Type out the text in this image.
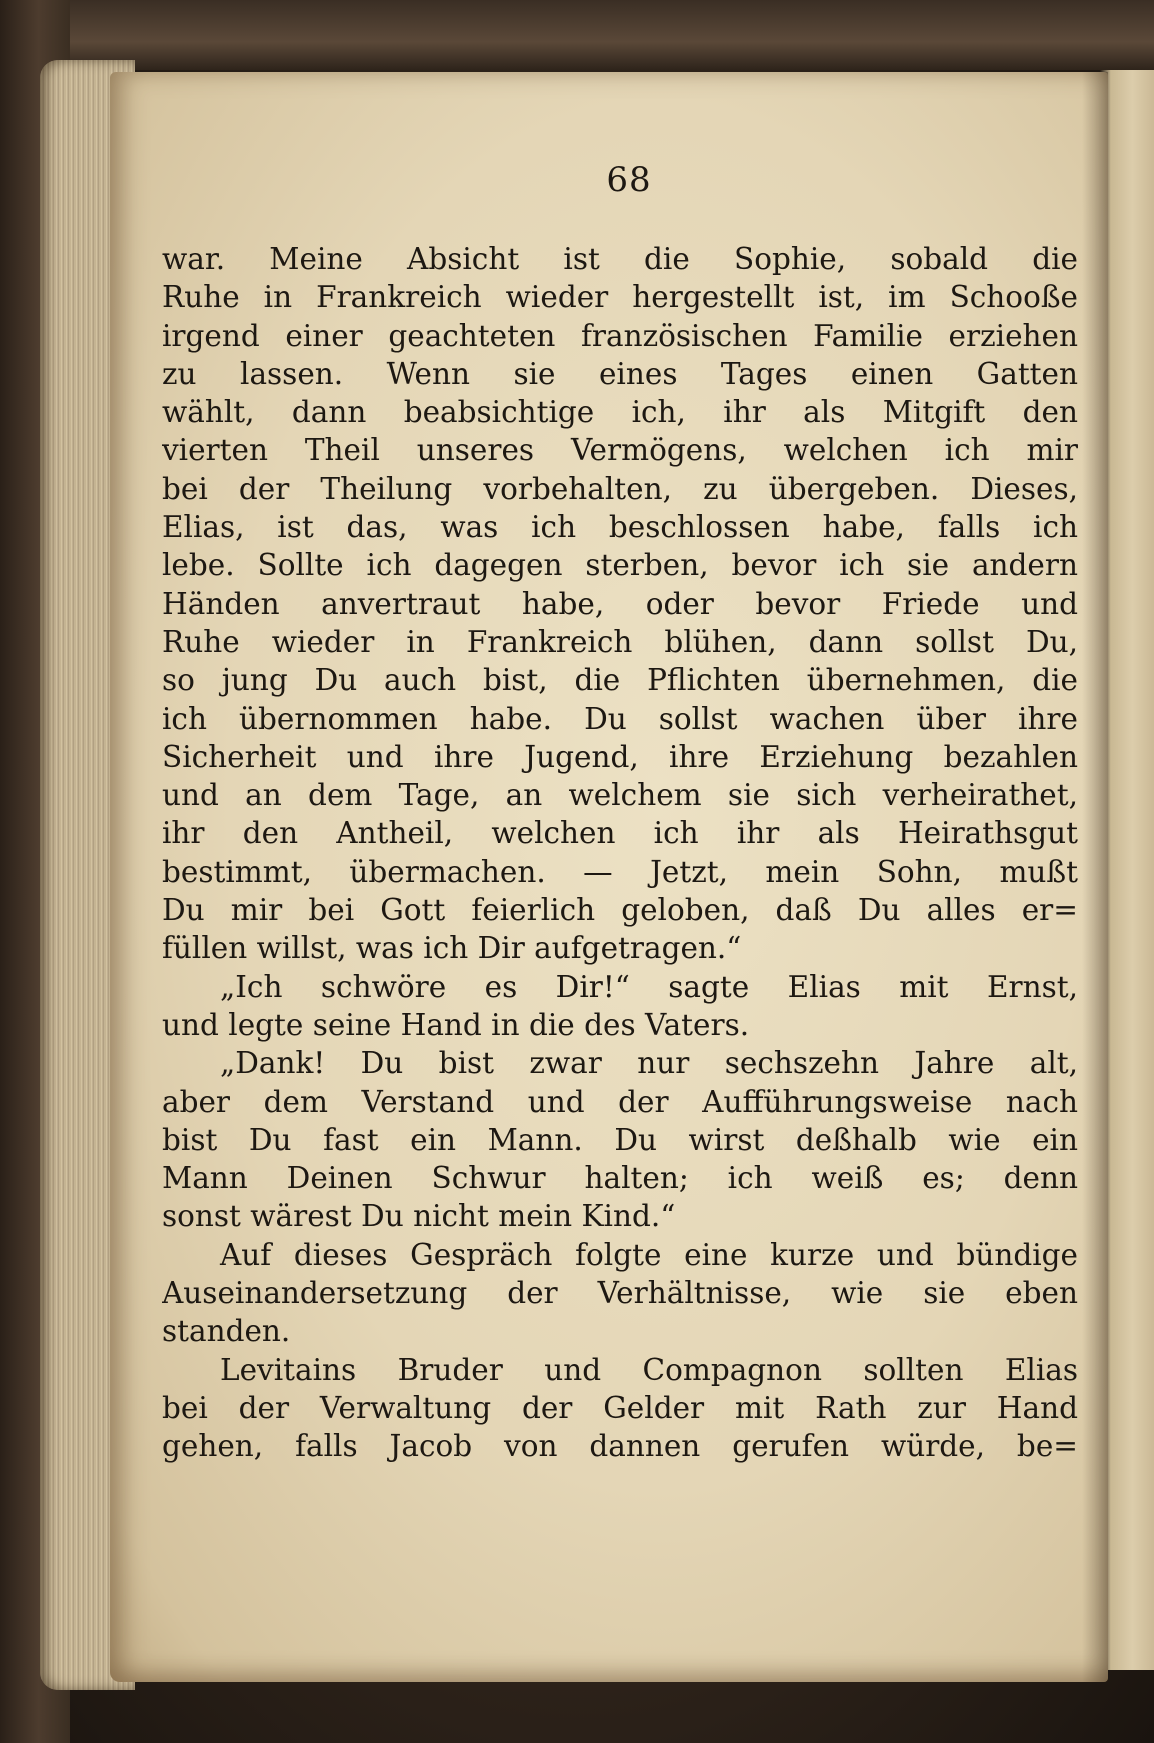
68
war. Meine Absicht ist die Sophie, sobald die
Ruhe in Frankreich wieder hergestellt ist, im Schooße
irgend einer geachteten französischen Familie erziehen
zu lassen. Wenn sie eines Tages einen Gatten
wählt, dann beabsichtige ich, ihr als Mitgift den
vierten Theil unseres Vermögens, welchen ich mir
bei der Theilung vorbehalten, zu übergeben. Dieses,
Elias, ist das, was ich beschlossen habe, falls ich
lebe. Sollte ich dagegen sterben, bevor ich sie andern
Händen anvertraut habe, oder bevor Friede und
Ruhe wieder in Frankreich blühen, dann sollst Du,
so jung Du auch bist, die Pflichten übernehmen, die
ich übernommen habe. Du sollst wachen über ihre
Sicherheit und ihre Jugend, ihre Erziehung bezahlen
und an dem Tage, an welchem sie sich verheirathet,
ihr den Antheil, welchen ich ihr als Heirathsgut
bestimmt, übermachen. — Jetzt, mein Sohn, mußt
Du mir bei Gott feierlich geloben, daß Du alles er=
füllen willst, was ich Dir aufgetragen.“
„Ich schwöre es Dir!“ sagte Elias mit Ernst,
und legte seine Hand in die des Vaters.
„Dank! Du bist zwar nur sechszehn Jahre alt,
aber dem Verstand und der Aufführungsweise nach
bist Du fast ein Mann. Du wirst deßhalb wie ein
Mann Deinen Schwur halten; ich weiß es; denn
sonst wärest Du nicht mein Kind.“
Auf dieses Gespräch folgte eine kurze und bündige
Auseinandersetzung der Verhältnisse, wie sie eben
standen.
Levitains Bruder und Compagnon sollten Elias
bei der Verwaltung der Gelder mit Rath zur Hand
gehen, falls Jacob von dannen gerufen würde, be=
